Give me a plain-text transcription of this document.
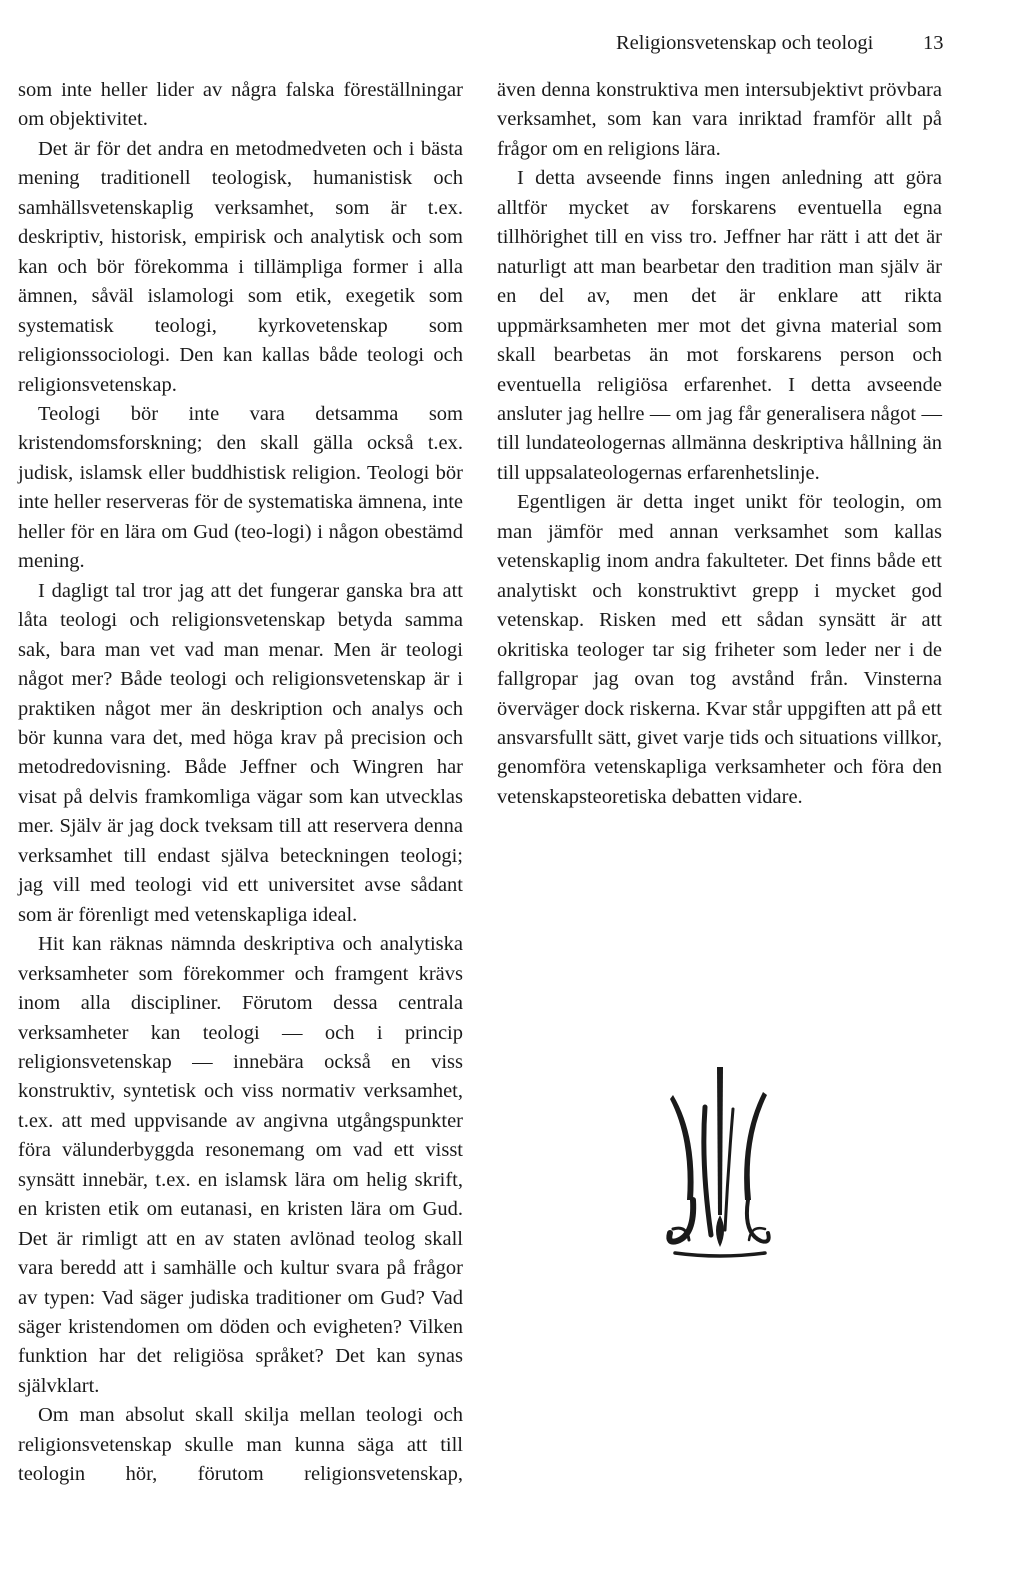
Religionsvetenskap och teologi 13

som inte heller lider av några falska föreställningar om objektivitet.

Det är för det andra en metodmedveten och i bästa mening traditionell teologisk, humanistisk och samhällsvetenskaplig verksamhet, som är t.ex. deskriptiv, historisk, empirisk och analytisk och som kan och bör förekomma i tillämpliga former i alla ämnen, såväl islamologi som etik, exegetik som systematisk teologi, kyrkovetenskap som religionssociologi. Den kan kallas både teologi och religionsvetenskap.

Teologi bör inte vara detsamma som kristendomsforskning; den skall gälla också t.ex. judisk, islamsk eller buddhistisk religion. Teologi bör inte heller reserveras för de systematiska ämnena, inte heller för en lära om Gud (teo-logi) i någon obestämd mening.

I dagligt tal tror jag att det fungerar ganska bra att låta teologi och religionsvetenskap betyda samma sak, bara man vet vad man menar. Men är teologi något mer? Både teologi och religionsvetenskap är i praktiken något mer än deskription och analys och bör kunna vara det, med höga krav på precision och metodredovisning. Både Jeffner och Wingren har visat på delvis framkomliga vägar som kan utvecklas mer. Själv är jag dock tveksam till att reservera denna verksamhet till endast själva beteckningen teologi; jag vill med teologi vid ett universitet avse sådant som är förenligt med vetenskapliga ideal.

Hit kan räknas nämnda deskriptiva och analytiska verksamheter som förekommer och framgent krävs inom alla discipliner. Förutom dessa centrala verksamheter kan teologi — och i princip religionsvetenskap — innebära också en viss konstruktiv, syntetisk och viss normativ verksamhet, t.ex. att med uppvisande av angivna utgångspunkter föra välunderbyggda resonemang om vad ett visst synsätt innebär, t.ex. en islamsk lära om helig skrift, en kristen etik om eutanasi, en kristen lära om Gud. Det är rimligt att en av staten avlönad teolog skall vara beredd att i samhälle och kultur svara på frågor av typen: Vad säger judiska traditioner om Gud? Vad säger kristendomen om döden och evigheten? Vilken funktion har det religiösa språket? Det kan synas självklart.

Om man absolut skall skilja mellan teologi och religionsvetenskap skulle man kunna säga att till teologin hör, förutom religionsvetenskap,

även denna konstruktiva men intersubjektivt prövbara verksamhet, som kan vara inriktad framför allt på frågor om en religions lära.

I detta avseende finns ingen anledning att göra alltför mycket av forskarens eventuella egna tillhörighet till en viss tro. Jeffner har rätt i att det är naturligt att man bearbetar den tradition man själv är en del av, men det är enklare att rikta uppmärksamheten mer mot det givna material som skall bearbetas än mot forskarens person och eventuella religiösa erfarenhet. I detta avseende ansluter jag hellre — om jag får generalisera något — till lundateologernas allmänna deskriptiva hållning än till uppsalateologernas erfarenhetslinje.

Egentligen är detta inget unikt för teologin, om man jämför med annan verksamhet som kallas vetenskaplig inom andra fakulteter. Det finns både ett analytiskt och konstruktivt grepp i mycket god vetenskap. Risken med ett sådan synsätt är att okritiska teologer tar sig friheter som leder ner i de fallgropar jag ovan tog avstånd från. Vinsterna överväger dock riskerna. Kvar står uppgiften att på ett ansvarsfullt sätt, givet varje tids och situations villkor, genomföra vetenskapliga verksamheter och föra den vetenskapsteoretiska debatten vidare.
